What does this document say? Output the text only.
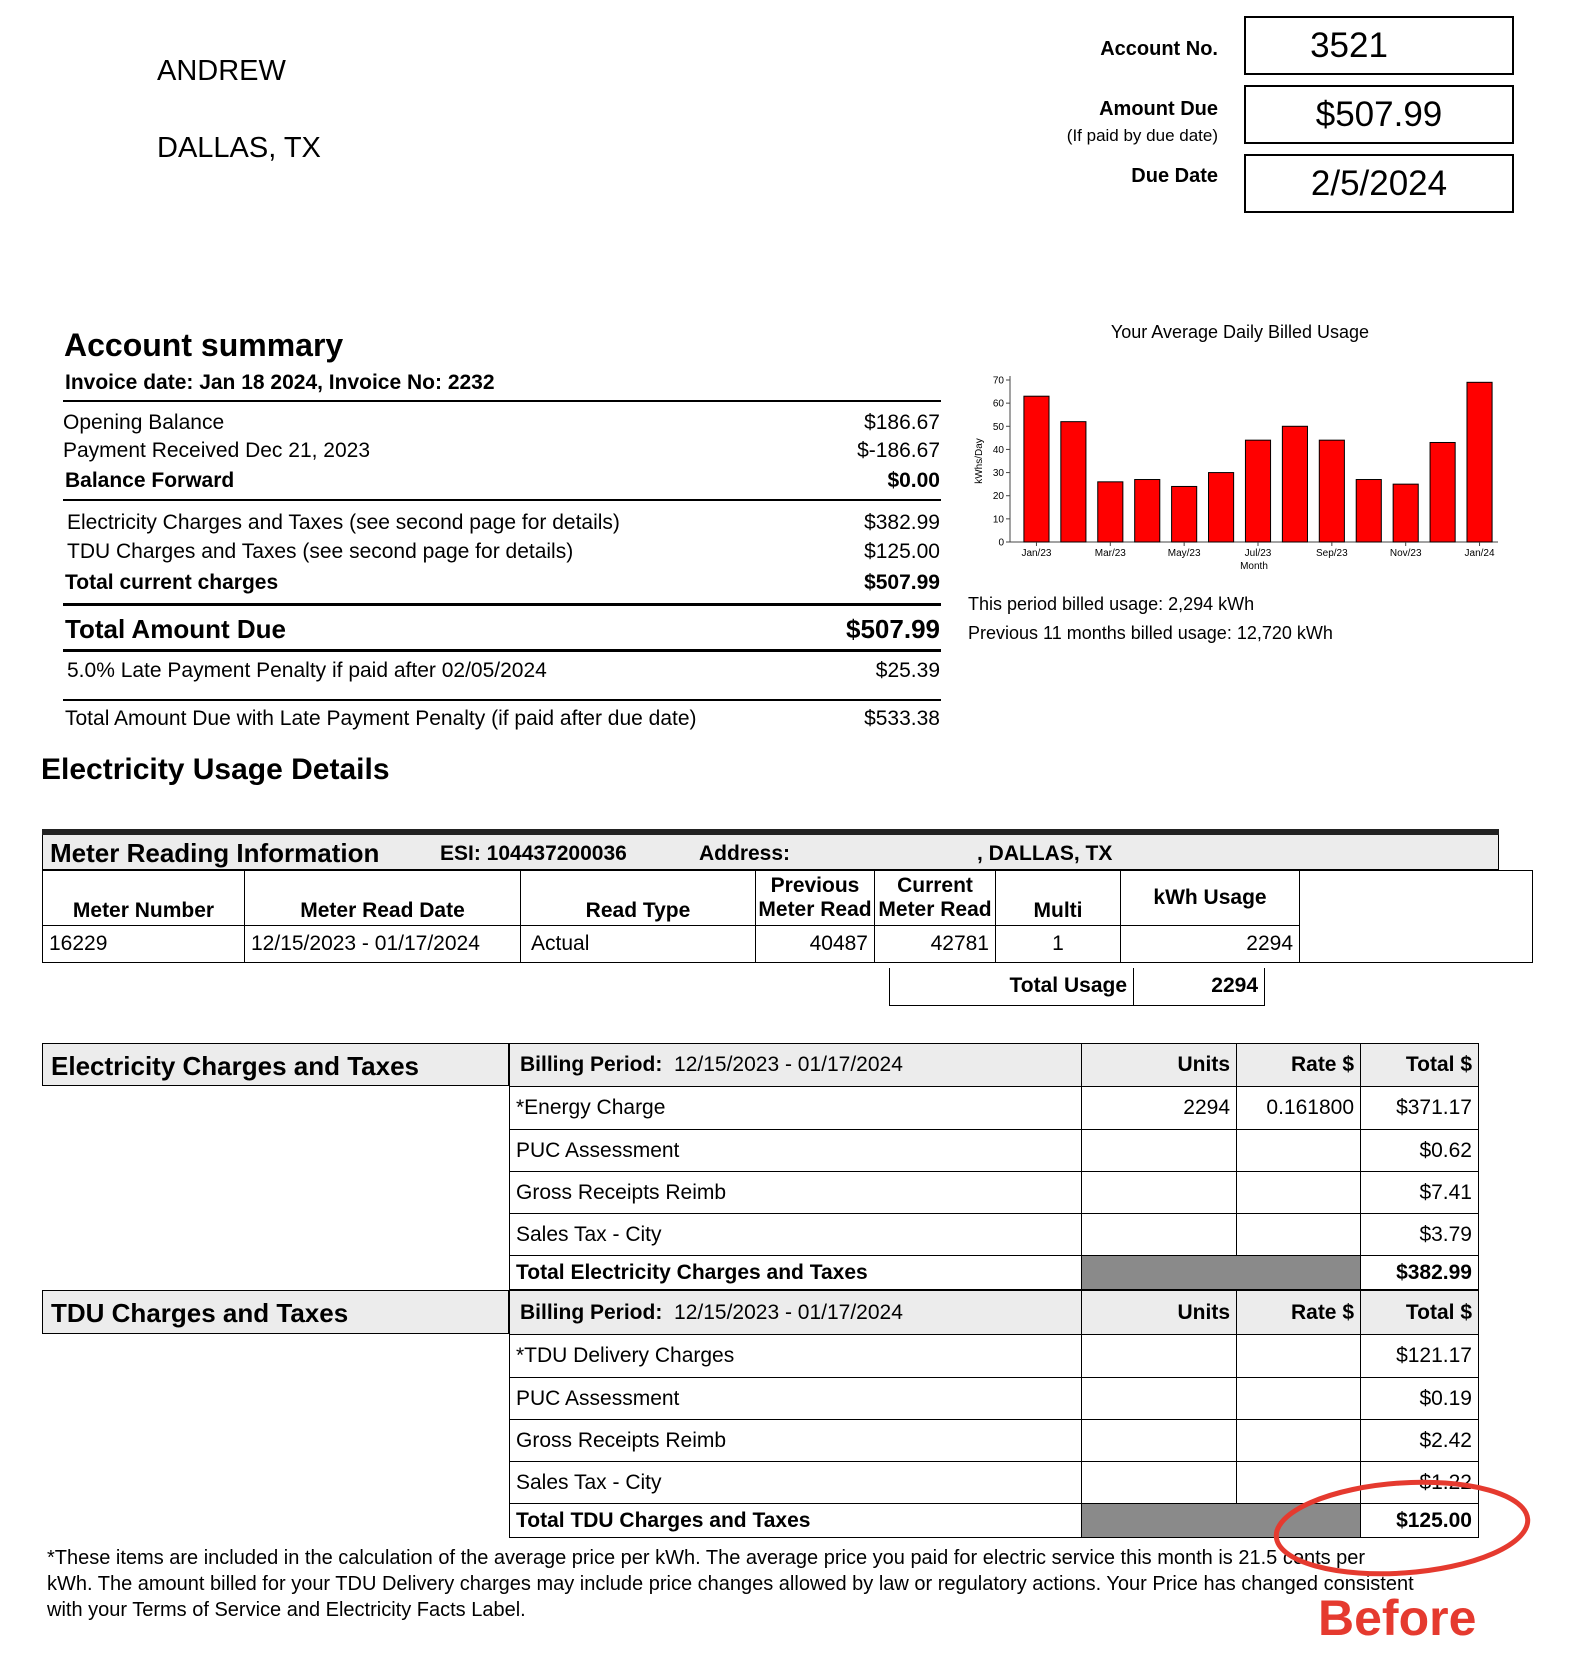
ANDREW
DALLAS, TX
Account No.	3521
Amount Due
(If paid by due date)
$507.99
Due Date	2/5/2024
Account summary
Invoice date: Jan 18 2024, Invoice No: 2232
Opening Balance	$186.67
Payment Received Dec 21, 2023	$-186.67
Balance Forward	$0.00
Electricity Charges and Taxes (see second page for details)	$382.99
TDU Charges and Taxes (see second page for details)	$125.00
Total current charges	$507.99
Total Amount Due	$507.99
5.0% Late Payment Penalty if paid after 02/05/2024	$25.39
Total Amount Due with Late Payment Penalty (if paid after due date)	$533.38
Your Average Daily Billed Usage
0
10
20
30
40
50
60
70
Jan/23	Mar/23	May/23	Jul/23	Sep/23	Nov/23	Jan/24
Month
kWhs/Day
This period billed usage: 2,294 kWh
Previous 11 months billed usage: 12,720 kWh
Electricity Usage Details
Meter Reading Information	ESI: 104437200036	Address:	, DALLAS, TX
Meter Number	Meter Read Date	Read Type	Previous Meter Read	Current Meter Read	Multi	kWh Usage	
16229	12/15/2023 - 01/17/2024	Actual	40487	42781	1	2294	
Total Usage	2294
Electricity Charges and Taxes	Billing Period: 12/15/2023 - 01/17/2024	Units	Rate $	Total $
*Energy Charge	2294	0.161800	$371.17
PUC Assessment			$0.62
Gross Receipts Reimb			$7.41
Sales Tax - City			$3.79
Total Electricity Charges and Taxes			$382.99
TDU Charges and Taxes	Billing Period: 12/15/2023 - 01/17/2024	Units	Rate $	Total $
*TDU Delivery Charges			$121.17
PUC Assessment			$0.19
Gross Receipts Reimb			$2.42
Sales Tax - City			$1.22
Total TDU Charges and Taxes			$125.00
*These items are included in the calculation of the average price per kWh. The average price you paid for electric service this month is 21.5 cents per
kWh. The amount billed for your TDU Delivery charges may include price changes allowed by law or regulatory actions. Your Price has changed consistent
with your Terms of Service and Electricity Facts Label.	Before
